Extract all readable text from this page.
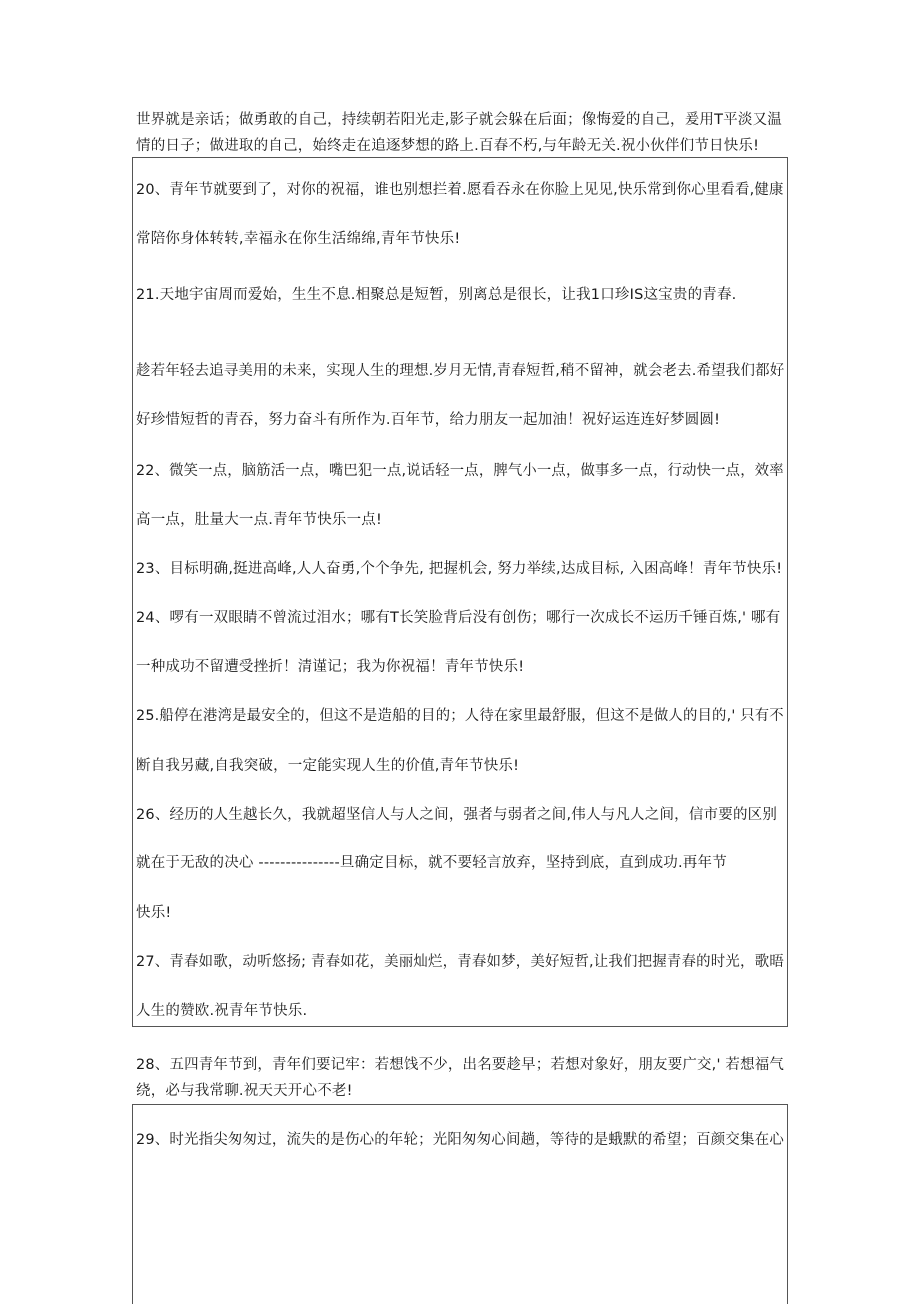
世界就是亲话；做勇敢的自己，持续朝若阳光走,影子就会躲在后面；像悔爱的自己，爰用T平淡又温
情的日子；做进取的自己，始终走在追逐梦想的路上.百春不朽,与年龄无关.祝小伙伴们节日快乐!
20、青年节就要到了，对你的祝福，谁也别想拦着.愿看吞永在你脸上见见,快乐常到你心里看看,健康
常陪你身体转转,幸福永在你生活绵绵,青年节快乐!
21.天地宇宙周而爱始，生生不息.相聚总是短暂，别离总是很长，让我1口珍IS这宝贵的青春.
趁若年轻去追寻美用的未来，实现人生的理想.岁月无情,青春短哲,稍不留神，就会老去.希望我们都好
好珍惜短哲的青吞，努力奋斗有所作为.百年节，给力朋友一起加油！祝好运连连好梦圆圆!
22、微笑一点，脑筋活一点，嘴巴犯一点,说话轻一点，脾气小一点，做事多一点，行动快一点，效率
高一点，肚量大一点.青年节快乐一点!
23、目标明确,挺进高峰,人人奋勇,个个争先, 把握机会, 努力举续,达成目标, 入困高峰！青年节快乐!
24、啰有一双眼睛不曾流过泪水；哪有T长笑脸背后没有创伤；哪行一次成长不运历千锤百炼,' 哪有
一种成功不留遭受挫折！清谨记；我为你祝福！青年节快乐!
25.船停在港湾是最安全的，但这不是造船的目的；人待在家里最舒服，但这不是做人的目的,' 只有不
断自我另藏,自我突破，一定能实现人生的价值,青年节快乐!
26、经历的人生越长久，我就超坚信人与人之间，强者与弱者之间,伟人与凡人之间，信市要的区别
就在于无敌的决心 ---------------旦确定目标，就不要轻言放弃，坚持到底，直到成功.再年节
快乐!
27、青春如歌，动听悠扬; 青春如花，美丽灿烂，青春如梦，美好短哲,让我们把握青春的时光，歌晤
人生的赞欧.祝青年节快乐.
28、五四青年节到，青年们要记牢：若想饯不少，出名要趁早；若想对象好，朋友要广交,' 若想福气
绕，必与我常聊.祝天天开心不老!
29、时光指尖匆匆过，流失的是伤心的年轮；光阳匆匆心间趟，等待的是蛾默的希望；百颜交集在心
